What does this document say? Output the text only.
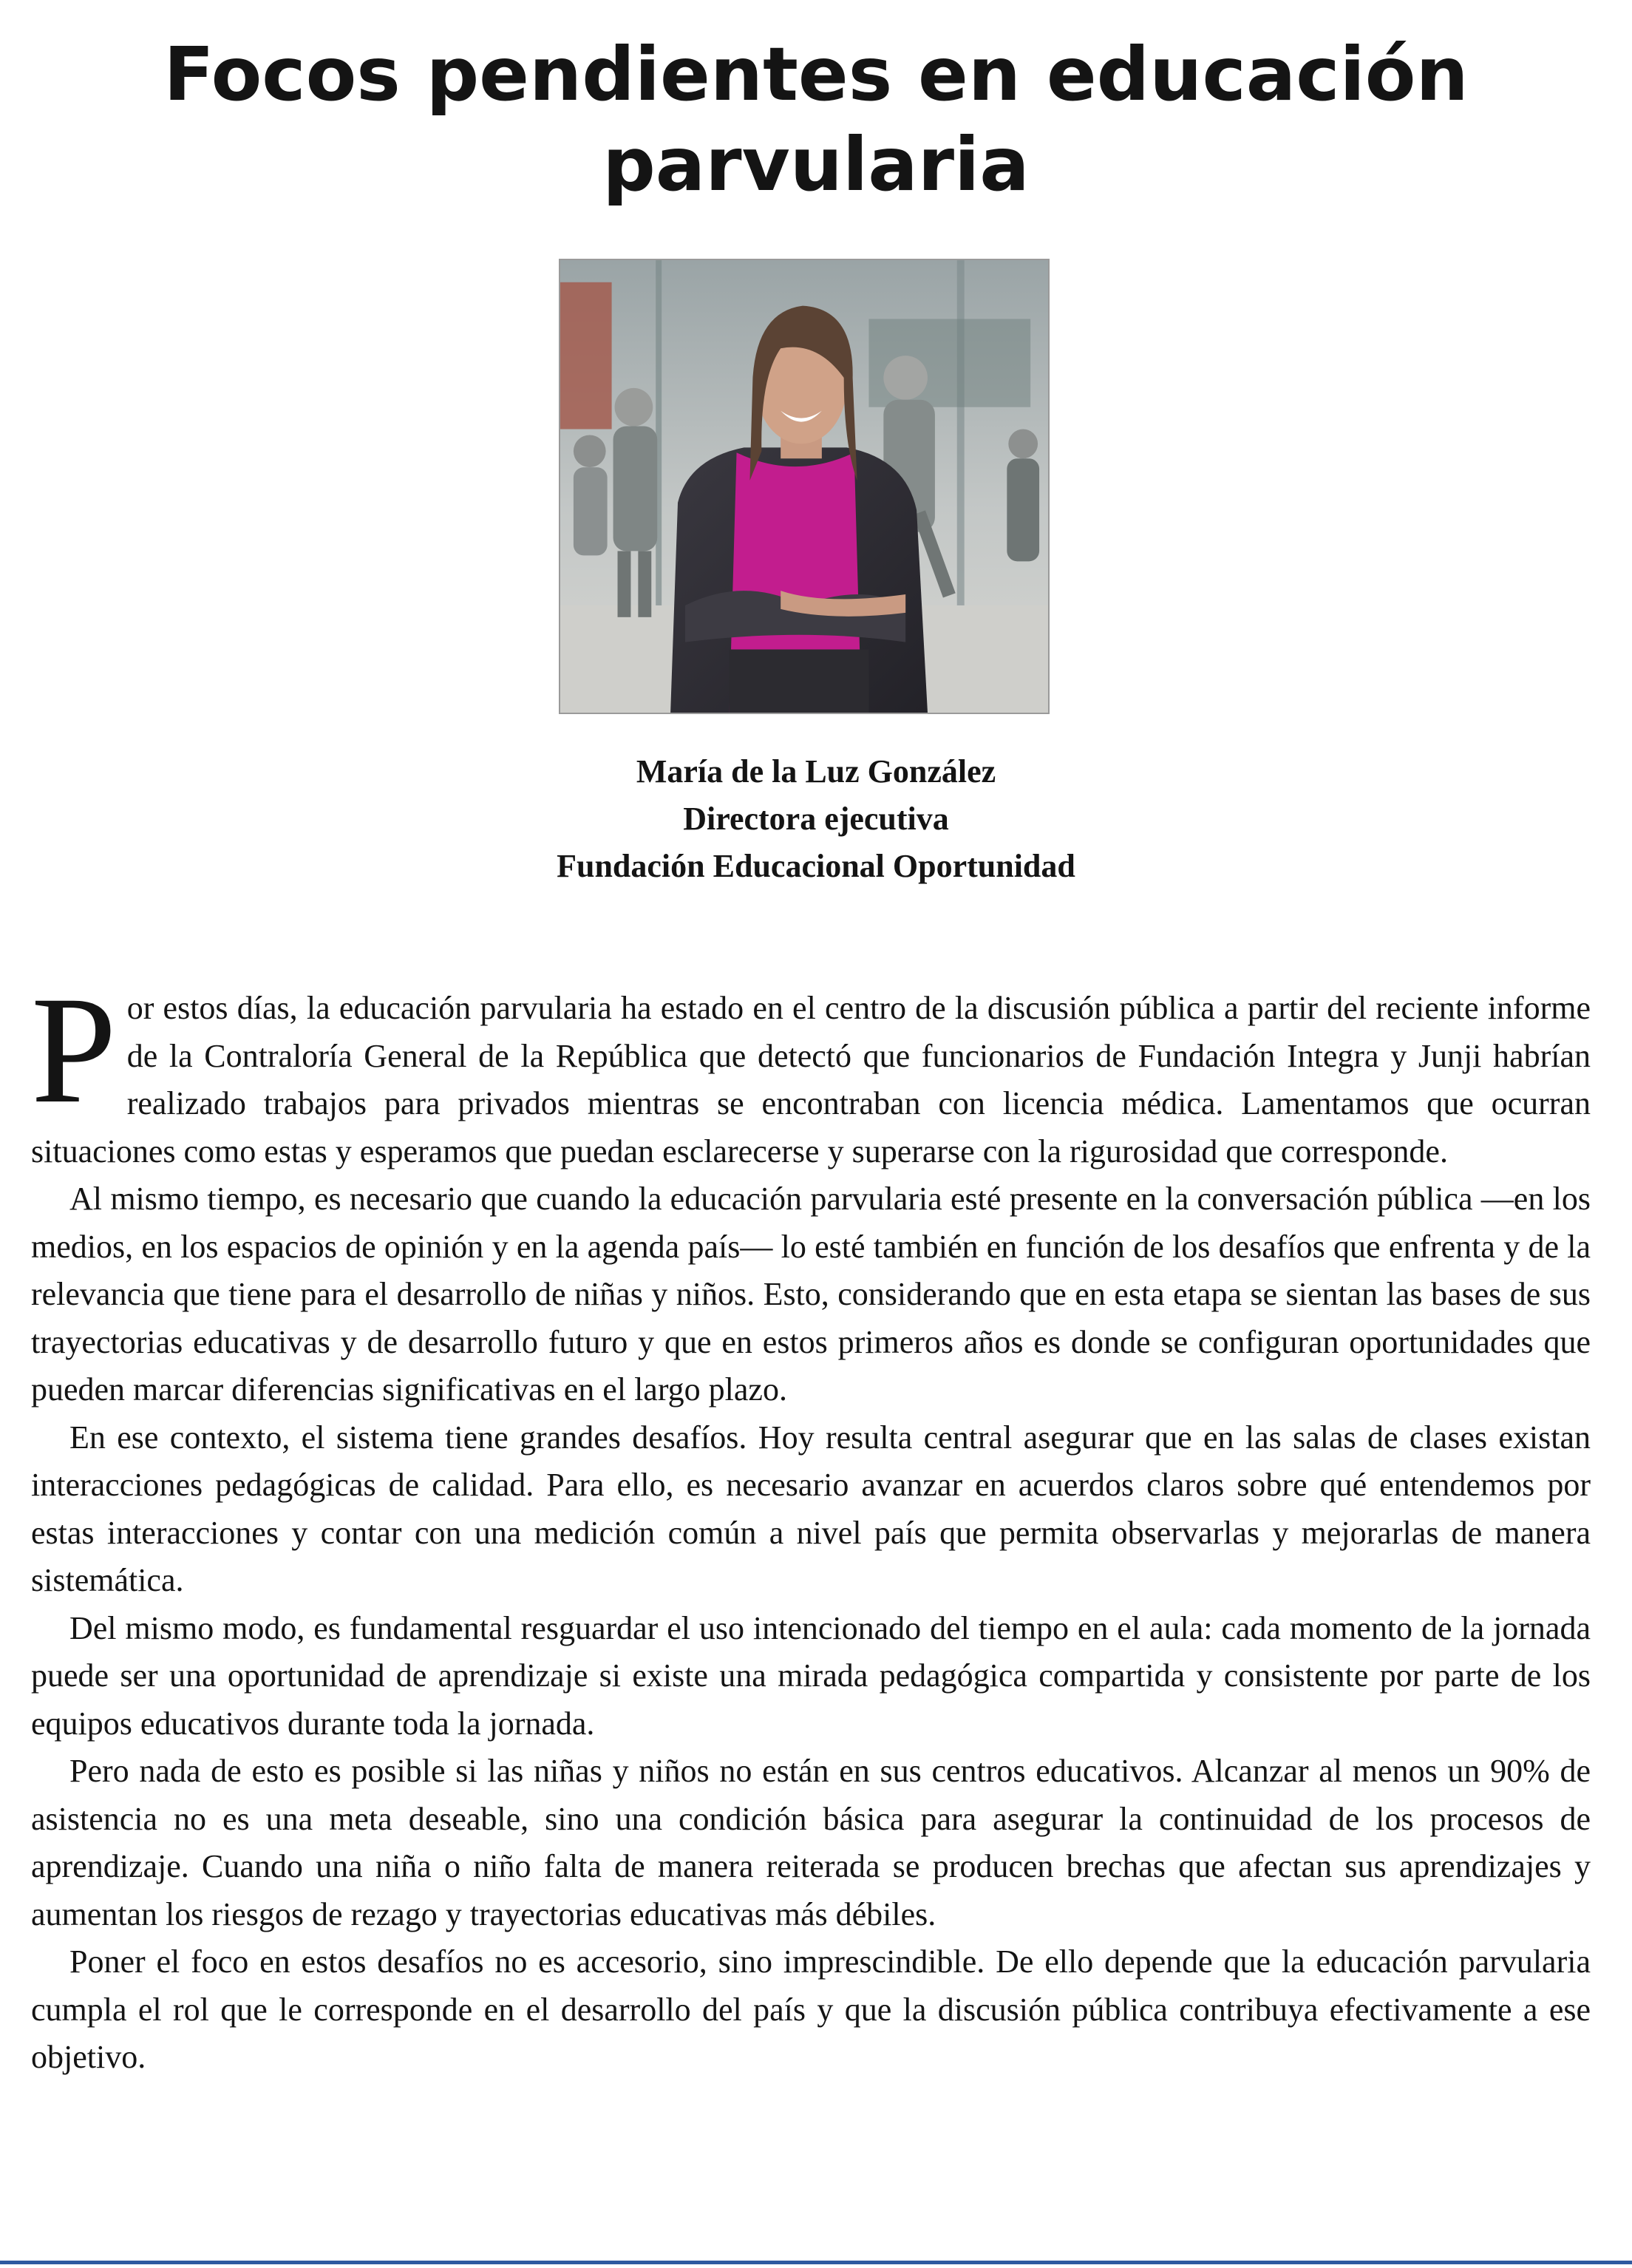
Focos pendientes en educación
parvularia
María de la Luz González
Directora ejecutiva
Fundación Educacional Oportunidad

Por estos días, la educación parvularia ha estado en el centro de la discusión pública a partir del reciente informe de la Contraloría General de la República que detectó que funcionarios de Fundación Integra y Junji habrían realizado trabajos para privados mientras se encontraban con licencia médica. Lamentamos que ocurran situaciones como estas y esperamos que puedan esclarecerse y superarse con la rigurosidad que corresponde.

Al mismo tiempo, es necesario que cuando la educación parvularia esté presente en la conversación pública —en los medios, en los espacios de opinión y en la agenda país— lo esté también en función de los desafíos que enfrenta y de la relevancia que tiene para el desarrollo de niñas y niños. Esto, considerando que en esta etapa se sientan las bases de sus trayectorias educativas y de desarrollo futuro y que en estos primeros años es donde se configuran oportunidades que pueden marcar diferencias significativas en el largo plazo.

En ese contexto, el sistema tiene grandes desafíos. Hoy resulta central asegurar que en las salas de clases existan interacciones pedagógicas de calidad. Para ello, es necesario avanzar en acuerdos claros sobre qué entendemos por estas interacciones y contar con una medición común a nivel país que permita observarlas y mejorarlas de manera sistemática.

Del mismo modo, es fundamental resguardar el uso intencionado del tiempo en el aula: cada momento de la jornada puede ser una oportunidad de aprendizaje si existe una mirada pedagógica compartida y consistente por parte de los equipos educativos durante toda la jornada.

Pero nada de esto es posible si las niñas y niños no están en sus centros educativos. Alcanzar al menos un 90% de asistencia no es una meta deseable, sino una condición básica para asegurar la continuidad de los procesos de aprendizaje. Cuando una niña o niño falta de manera reiterada se producen brechas que afectan sus aprendizajes y aumentan los riesgos de rezago y trayectorias educativas más débiles.

Poner el foco en estos desafíos no es accesorio, sino imprescindible. De ello depende que la educación parvularia cumpla el rol que le corresponde en el desarrollo del país y que la discusión pública contribuya efectivamente a ese objetivo.
